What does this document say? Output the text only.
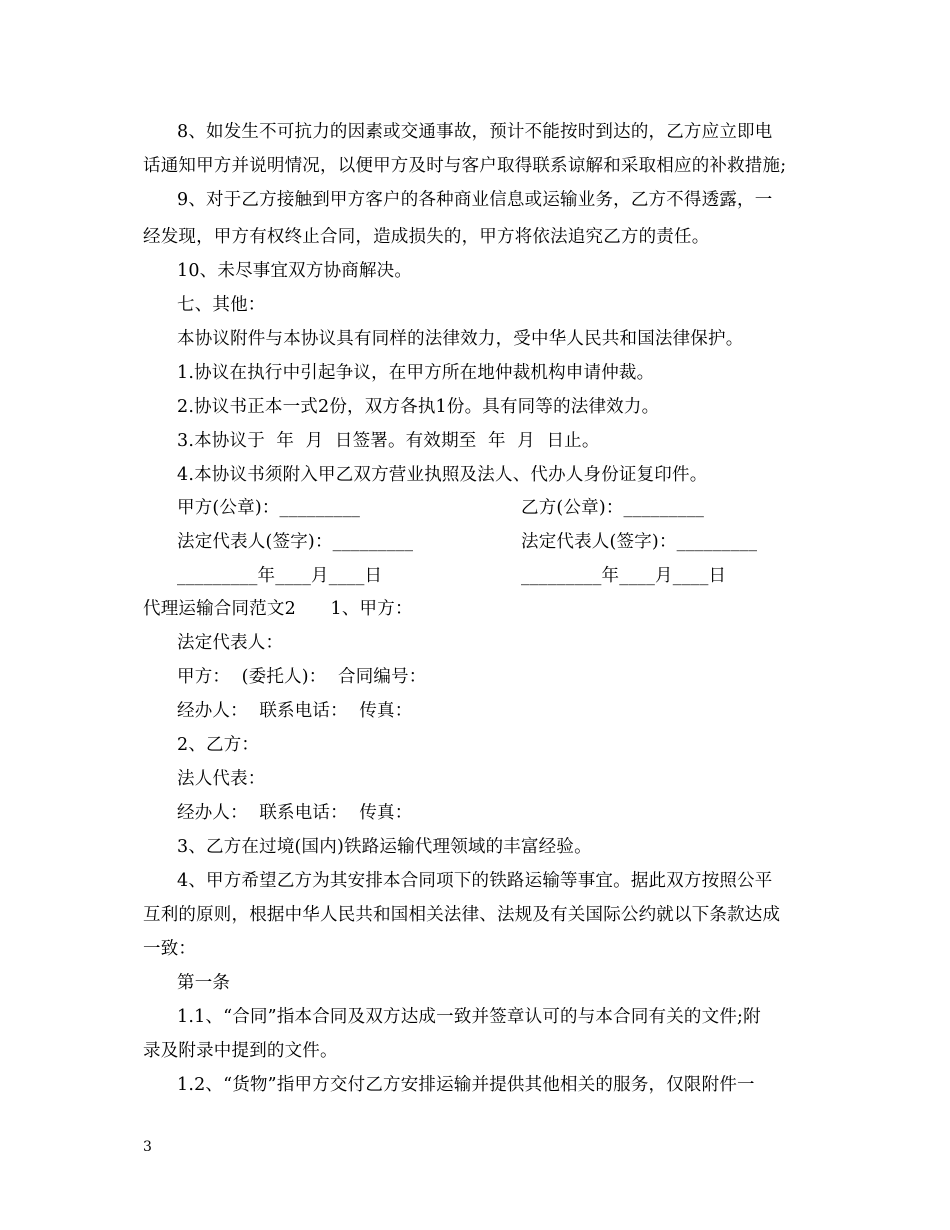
8、如发生不可抗力的因素或交通事故，预计不能按时到达的，乙方应立即电
话通知甲方并说明情况，以便甲方及时与客户取得联系谅解和采取相应的补救措施;
9、对于乙方接触到甲方客户的各种商业信息或运输业务，乙方不得透露，一
经发现，甲方有权终止合同，造成损失的，甲方将依法追究乙方的责任。
10、未尽事宜双方协商解决。
七、其他：
本协议附件与本协议具有同样的法律效力，受中华人民共和国法律保护。
1.协议在执行中引起争议，在甲方所在地仲裁机构申请仲裁。
2.协议书正本一式2份，双方各执1份。具有同等的法律效力。
3.本协议于  年  月  日签署。有效期至  年  月  日止。
4.本协议书须附入甲乙双方营业执照及法人、代办人身份证复印件。
甲方(公章)：_________	乙方(公章)：_________
法定代表人(签字)：_________	法定代表人(签字)：_________
_________年____月____日	_________年____月____日
代理运输合同范文2      1、甲方：
法定代表人：
甲方：  (委托人)：  合同编号：
经办人：  联系电话：  传真：
2、乙方：
法人代表：
经办人：  联系电话：  传真：
3、乙方在过境(国内)铁路运输代理领域的丰富经验。
4、甲方希望乙方为其安排本合同项下的铁路运输等事宜。据此双方按照公平
互利的原则，根据中华人民共和国相关法律、法规及有关国际公约就以下条款达成
一致：
第一条
1.1、“合同”指本合同及双方达成一致并签章认可的与本合同有关的文件;附
录及附录中提到的文件。
1.2、“货物”指甲方交付乙方安排运输并提供其他相关的服务，仅限附件一
3
